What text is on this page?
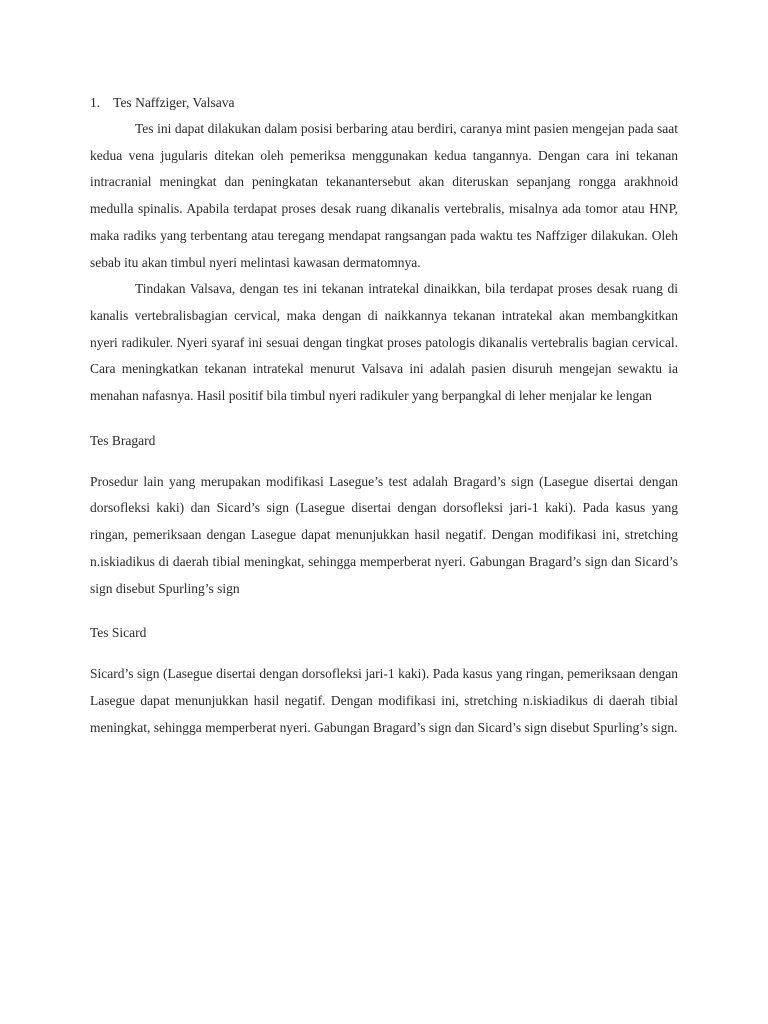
1. Tes Naffziger, Valsava

Tes ini dapat dilakukan dalam posisi berbaring atau berdiri, caranya mint pasien mengejan pada saat kedua vena jugularis ditekan oleh pemeriksa menggunakan kedua tangannya. Dengan cara ini tekanan intracranial meningkat dan peningkatan tekanantersebut akan diteruskan sepanjang rongga arakhnoid medulla spinalis. Apabila terdapat proses desak ruang dikanalis vertebralis, misalnya ada tomor atau HNP, maka radiks yang terbentang atau teregang mendapat rangsangan pada waktu tes Naffziger dilakukan. Oleh sebab itu akan timbul nyeri melintasi kawasan dermatomnya.

Tindakan Valsava, dengan tes ini tekanan intratekal dinaikkan, bila terdapat proses desak ruang di kanalis vertebralisbagian cervical, maka dengan di naikkannya tekanan intratekal akan membangkitkan nyeri radikuler. Nyeri syaraf ini sesuai dengan tingkat proses patologis dikanalis vertebralis bagian cervical. Cara meningkatkan tekanan intratekal menurut Valsava ini adalah pasien disuruh mengejan sewaktu ia menahan nafasnya. Hasil positif bila timbul nyeri radikuler yang berpangkal di leher menjalar ke lengan

Tes Bragard

Prosedur lain yang merupakan modifikasi Lasegue’s test adalah Bragard’s sign (Lasegue disertai dengan dorsofleksi kaki) dan Sicard’s sign (Lasegue disertai dengan dorsofleksi jari-1 kaki). Pada kasus yang ringan, pemeriksaan dengan Lasegue dapat menunjukkan hasil negatif. Dengan modifikasi ini, stretching n.iskiadikus di daerah tibial meningkat, sehingga memperberat nyeri. Gabungan Bragard’s sign dan Sicard’s sign disebut Spurling’s sign

Tes Sicard

Sicard’s sign (Lasegue disertai dengan dorsofleksi jari-1 kaki). Pada kasus yang ringan, pemeriksaan dengan Lasegue dapat menunjukkan hasil negatif. Dengan modifikasi ini, stretching n.iskiadikus di daerah tibial meningkat, sehingga memperberat nyeri. Gabungan Bragard’s sign dan Sicard’s sign disebut Spurling’s sign.
